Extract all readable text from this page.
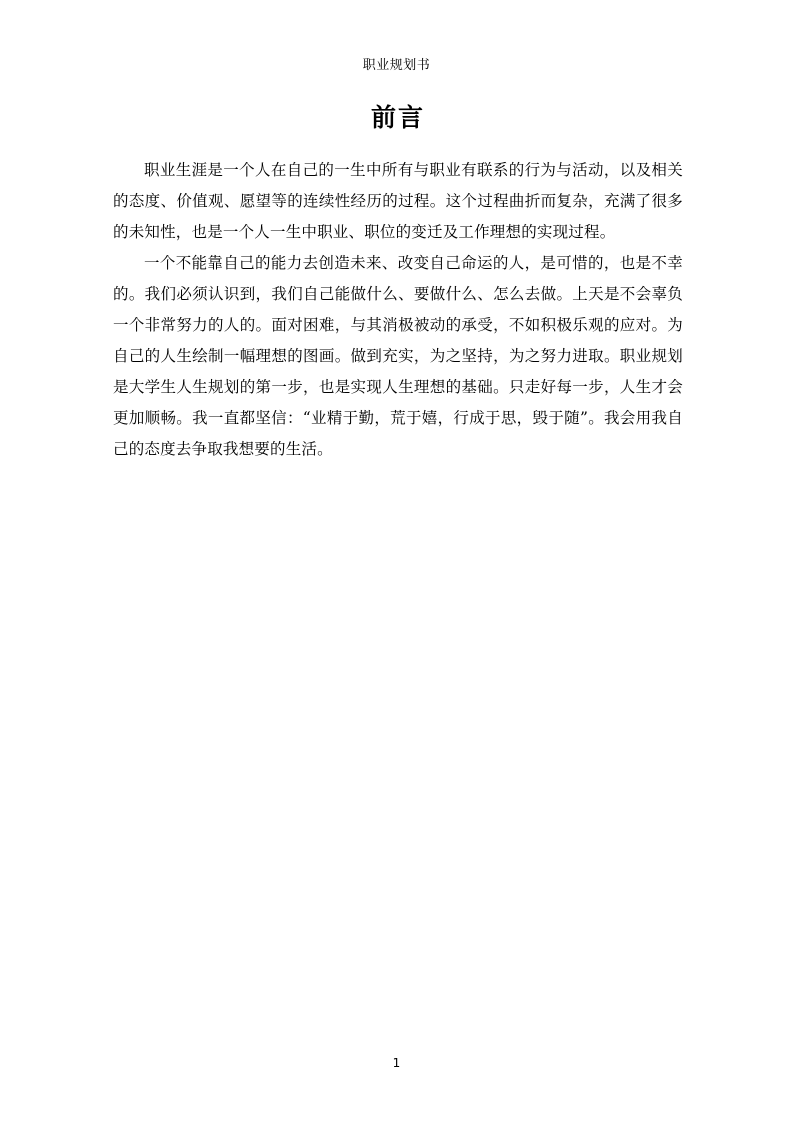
职业规划书
前言

职业生涯是一个人在自己的一生中所有与职业有联系的行为与活动，以及相关的态度、价值观、愿望等的连续性经历的过程。这个过程曲折而复杂，充满了很多的未知性，也是一个人一生中职业、职位的变迁及工作理想的实现过程。

一个不能靠自己的能力去创造未来、改变自己命运的人，是可惜的，也是不幸的。我们必须认识到，我们自己能做什么、要做什么、怎么去做。上天是不会辜负一个非常努力的人的。面对困难，与其消极被动的承受，不如积极乐观的应对。为自己的人生绘制一幅理想的图画。做到充实，为之坚持，为之努力进取。职业规划是大学生人生规划的第一步，也是实现人生理想的基础。只走好每一步，人生才会更加顺畅。我一直都坚信：“业精于勤，荒于嬉，行成于思，毁于随”。我会用我自己的态度去争取我想要的生活。

1
